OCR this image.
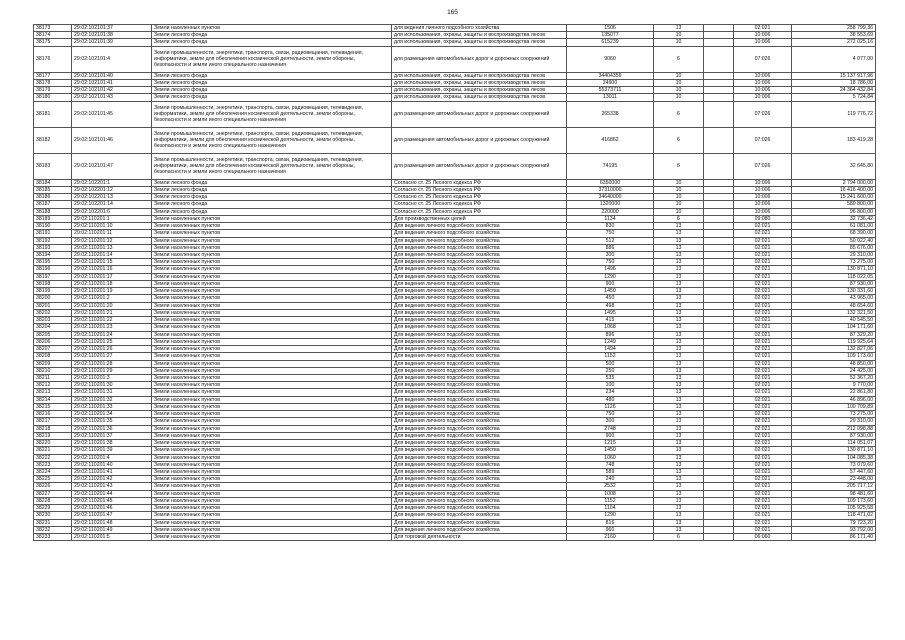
165
38173	29:02:102101:37	Земли населенных пунктов	для ведения личного подсобного хозяйства	1506	13		02:021	258 799,36
38174	29:02:102101:38	Земли лесного фонда	для использования, охраны, защиты и воспроизводства лесов	135077	10		10:006	38 553,69
38175	29:02:102101:39	Земли лесного фонда	для использования, охраны, защиты и воспроизводства лесов	615239	10		10:006	272 025,16
38176	29:02:102101:4	Земли промышленности, энергетики, транспорта, связи, радиовещания, телевидения, информатики, земли для обеспечения космической деятельности, земли обороны, безопасности и земли иного специального назначения	для размещения автомобильных дорог и дорожных сооружений	9060	6		07:026	4 077,00
38177	29:02:102101:40	Земли лесного фонда	для использования, охраны, защиты и воспроизводства лесов	34404359	10		10:006	15 137 917,96
38178	29:02:102101:41	Земли лесного фонда	для использования, охраны, защиты и воспроизводства лесов	24900	10		10:006	18 786,00
38179	29:02:102101:42	Земли лесного фонда	для использования, охраны, защиты и воспроизводства лесов	55373711	10		10:006	24 364 432,84
38180	29:02:102101:43	Земли лесного фонда	для использования, охраны, защиты и воспроизводства лесов	13011	10		10:006	5 724,84
38181	29:02:102101:45	Земли промышленности, энергетики, транспорта, связи, радиовещания, телевидения, информатики, земли для обеспечения космической деятельности, земли обороны, безопасности и земли иного специального назначения	для размещения автомобильных дорог и дорожных сооружений	265338	6		07:026	119 776,72
38182	29:02:102101:46	Земли промышленности, энергетики, транспорта, связи, радиовещания, телевидения, информатики, земли для обеспечения космической деятельности, земли обороны, безопасности и земли иного специального назначения	для размещения автомобильных дорог и дорожных сооружений	416862	6		07:026	183 419,28
38183	29:02:102101:47	Земли промышленности, энергетики, транспорта, связи, радиовещания, телевидения, информатики, земли для обеспечения космической деятельности, земли обороны, безопасности и земли иного специального назначения	для размещения автомобильных дорог и дорожных сооружений	74195	6		07:026	32 645,80
38184	29:02:102201:1	Земли лесного фонда	Согласно ст. 25 Лесного кодекса РФ	6350000	10		10:006	2 794 000,00
38185	29:02:102201:12	Земли лесного фонда	Согласно ст. 25 Лесного кодекса РФ	37310000	10		10:006	16 416 400,00
38186	29:02:102201:13	Земли лесного фонда	Согласно ст. 25 Лесного кодекса РФ	34640000	10		10:006	15 241 600,00
38187	29:02:102201:14	Земли лесного фонда	Согласно ст. 25 Лесного кодекса РФ	1320000	10		10:006	580 800,00
38188	29:02:102201:6	Земли лесного фонда	Согласно ст. 25 Лесного кодекса РФ	220000	10		10:006	96 800,00
38189	29:02:110201:1	Земли населенных пунктов	Для производственных целей	1134	6		09:080	32 736,42
38190	29:02:110201:10	Земли населенных пунктов	Для ведения личного подсобного хозяйства	830	13		02:021	61 081,00
38191	29:02:110201:11	Земли населенных пунктов	Для ведения личного подсобного хозяйства	750	13		02:021	68 390,00
38192	29:02:110201:12	Земли населенных пунктов	Для ведения личного подсобного хозяйства	512	13		02:021	50 022,40
38193	29:02:110201:13	Земли населенных пунктов	Для ведения личного подсобного хозяйства	886	13		02:021	85 676,00
38194	29:02:110201:14	Земли населенных пунктов	Для ведения личного подсобного хозяйства	300	13		02:021	29 310,00
38195	29:02:110201:15	Земли населенных пунктов	Для ведения личного подсобного хозяйства	750	13		02:021	73 275,00
38196	29:02:110201:16	Земли населенных пунктов	Для ведения личного подсобного хозяйства	1496	13		02:021	130 871,10
38197	29:02:110201:17	Земли населенных пунктов	Для ведения личного подсобного хозяйства	1290	13		02:021	118 022,05
38198	29:02:110201:18	Земли населенных пунктов	Для ведения личного подсобного хозяйства	900	13		02:021	87 930,00
38199	29:02:110201:19	Земли населенных пунктов	Для ведения личного подсобного хозяйства	1450	13		02:021	130 331,60
38200	29:02:110201:2	Земли населенных пунктов	Для ведения личного подсобного хозяйства	450	13		02:021	43 965,00
38201	29:02:110201:20	Земли населенных пунктов	Для ведения личного подсобного хозяйства	498	13		02:021	48 654,60
38202	29:02:110201:21	Земли населенных пунктов	Для ведения личного подсобного хозяйства	1495	13		02:021	132 321,50
38203	29:02:110201:22	Земли населенных пунктов	Для ведения личного подсобного хозяйства	415	13		02:021	40 545,50
38204	29:02:110201:23	Земли населенных пунктов	Для ведения личного подсобного хозяйства	1068	13		02:021	104 171,60
38205	29:02:110201:24	Земли населенных пунктов	Для ведения личного подсобного хозяйства	896	13		02:021	87 329,20
38206	29:02:110201:25	Земли населенных пунктов	Для ведения личного подсобного хозяйства	1249	13		02:021	119 925,64
38207	29:02:110201:26	Земли населенных пунктов	Для ведения личного подсобного хозяйства	1494	13		02:021	132 827,06
38208	29:02:110201:27	Земли населенных пунктов	Для ведения личного подсобного хозяйства	1152	13		02:021	109 173,60
38209	29:02:110201:28	Земли населенных пунктов	Для ведения личного подсобного хозяйства	500	13		02:021	48 850,00
38210	29:02:110201:29	Земли населенных пунктов	Для ведения личного подсобного хозяйства	250	13		02:021	24 425,00
38211	29:02:110201:3	Земли населенных пунктов	Для ведения личного подсобного хозяйства	535	13		02:021	52 367,20
38212	29:02:110201:30	Земли населенных пунктов	Для ведения личного подсобного хозяйства	100	13		02:021	9 770,00
38213	29:02:110201:31	Земли населенных пунктов	Для ведения личного подсобного хозяйства	234	13		02:021	22 861,80
38214	29:02:110201:32	Земли населенных пунктов	Для ведения личного подсобного хозяйства	480	13		02:021	46 896,00
38215	29:02:110201:33	Земли населенных пунктов	Для ведения личного подсобного хозяйства	1126	13		02:021	100 709,89
38216	29:02:110201:34	Земли населенных пунктов	Для ведения личного подсобного хозяйства	750	13		02:021	73 275,00
38217	29:02:110201:35	Земли населенных пунктов	Для ведения личного подсобного хозяйства	300	13		02:021	29 310,00
38218	29:02:110201:36	Земли населенных пунктов	Для ведения личного подсобного хозяйства	2748	13		02:021	212 098,88
38219	29:02:110201:37	Земли населенных пунктов	Для ведения личного подсобного хозяйства	900	13		02:021	87 930,00
38220	29:02:110201:38	Земли населенных пунктов	Для ведения личного подсобного хозяйства	1215	13		02:021	114 051,07
38221	29:02:110201:39	Земли населенных пунктов	Для ведения личного подсобного хозяйства	1450	13		02:021	130 871,10
38222	29:02:110201:4	Земли населенных пунктов	Для ведения личного подсобного хозяйства	1060	13		02:021	104 085,38
38223	29:02:110201:40	Земли населенных пунктов	Для ведения личного подсобного хозяйства	748	13		02:021	73 079,60
38224	29:02:110201:41	Земли населенных пунктов	Для ведения личного подсобного хозяйства	589	13		02:021	57 447,60
38225	29:02:110201:42	Земли населенных пунктов	Для ведения личного подсобного хозяйства	240	13		02:021	23 448,00
38226	29:02:110201:43	Земли населенных пунктов	Для ведения личного подсобного хозяйства	2532	13		02:021	205 717,12
38227	29:02:110201:44	Земли населенных пунктов	Для ведения личного подсобного хозяйства	1008	13		02:021	98 481,60
38228	29:02:110201:45	Земли населенных пунктов	Для ведения личного подсобного хозяйства	1152	13		02:021	109 173,60
38229	29:02:110201:46	Земли населенных пунктов	Для ведения личного подсобного хозяйства	1104	13		02:021	105 925,58
38230	29:02:110201:47	Земли населенных пунктов	Для ведения личного подсобного хозяйства	1290	13		02:021	118 471,02
38231	29:02:110201:48	Земли населенных пунктов	Для ведения личного подсобного хозяйства	816	13		02:021	79 723,20
38232	29:02:110201:49	Земли населенных пунктов	Для ведения личного подсобного хозяйства	960	13		02:021	93 792,00
38233	29:02:110201:5	Земли населенных пунктов	Для торговой деятельности	2160	6		06:060	86 171,40
